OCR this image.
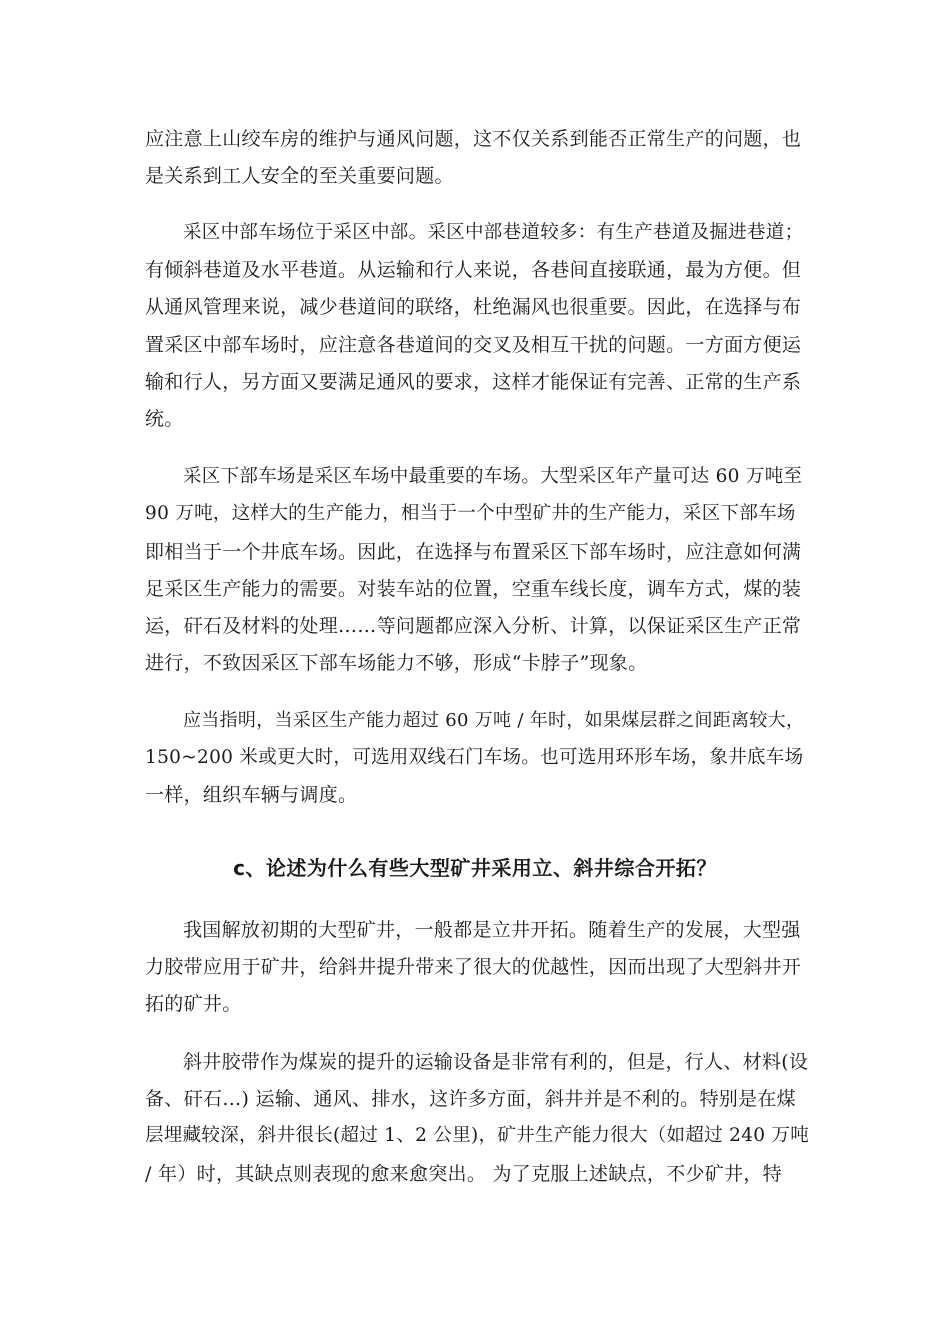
应注意上山绞车房的维护与通风问题，这不仅关系到能否正常生产的问题，也
是关系到工人安全的至关重要问题。
采区中部车场位于采区中部。采区中部巷道较多：有生产巷道及掘进巷道；
有倾斜巷道及水平巷道。从运输和行人来说，各巷间直接联通，最为方便。但
从通风管理来说，减少巷道间的联络，杜绝漏风也很重要。因此，在选择与布
置采区中部车场时，应注意各巷道间的交叉及相互干扰的问题。一方面方便运
输和行人，另方面又要满足通风的要求，这样才能保证有完善、正常的生产系
统。
采区下部车场是采区车场中最重要的车场。大型采区年产量可达 60 万吨至
90 万吨，这样大的生产能力，相当于一个中型矿井的生产能力，采区下部车场
即相当于一个井底车场。因此，在选择与布置采区下部车场时，应注意如何满
足采区生产能力的需要。对装车站的位置，空重车线长度，调车方式，煤的装
运，矸石及材料的处理……等问题都应深入分析、计算，以保证采区生产正常
进行，不致因采区下部车场能力不够，形成“卡脖子”现象。
应当指明，当采区生产能力超过 60 万吨 / 年时，如果煤层群之间距离较大，
150~200 米或更大时，可选用双线石门车场。也可选用环形车场，象井底车场
一样，组织车辆与调度。
c、论述为什么有些大型矿井采用立、斜井综合开拓？
我国解放初期的大型矿井，一般都是立井开拓。随着生产的发展，大型强
力胶带应用于矿井，给斜井提升带来了很大的优越性，因而出现了大型斜井开
拓的矿井。
斜井胶带作为煤炭的提升的运输设备是非常有利的，但是，行人、材料(设
备、矸石…) 运输、通风、排水，这许多方面，斜井并是不利的。特别是在煤
层埋藏较深，斜井很长(超过 1、2 公里)，矿井生产能力很大（如超过 240 万吨
/ 年）时，其缺点则表现的愈来愈突出。 为了克服上述缺点，不少矿井，特
